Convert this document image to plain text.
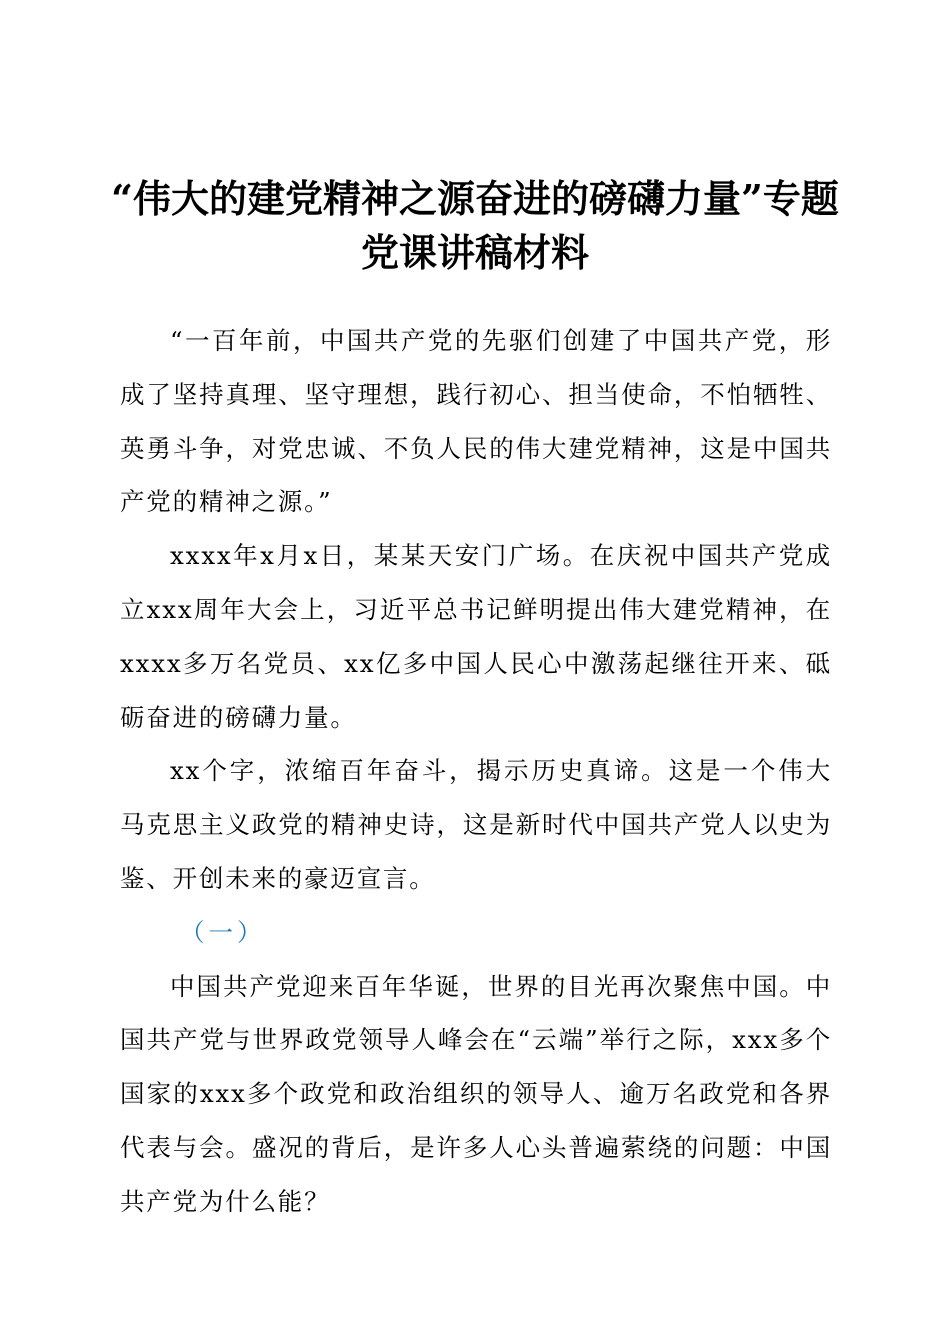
“伟大的建党精神之源奋进的磅礴力量”专题
党课讲稿材料

“一百年前，中国共产党的先驱们创建了中国共产党，形成了坚持真理、坚守理想，践行初心、担当使命，不怕牺牲、英勇斗争，对党忠诚、不负人民的伟大建党精神，这是中国共产党的精神之源。”

xxxx年x月x日，某某天安门广场。在庆祝中国共产党成立xxx周年大会上，习近平总书记鲜明提出伟大建党精神，在xxxx多万名党员、xx亿多中国人民心中激荡起继往开来、砥砺奋进的磅礴力量。

xx个字，浓缩百年奋斗，揭示历史真谛。这是一个伟大马克思主义政党的精神史诗，这是新时代中国共产党人以史为鉴、开创未来的豪迈宣言。

（一）

中国共产党迎来百年华诞，世界的目光再次聚焦中国。中国共产党与世界政党领导人峰会在“云端”举行之际，xxx多个国家的xxx多个政党和政治组织的领导人、逾万名政党和各界代表与会。盛况的背后，是许多人心头普遍萦绕的问题：中国共产党为什么能？
